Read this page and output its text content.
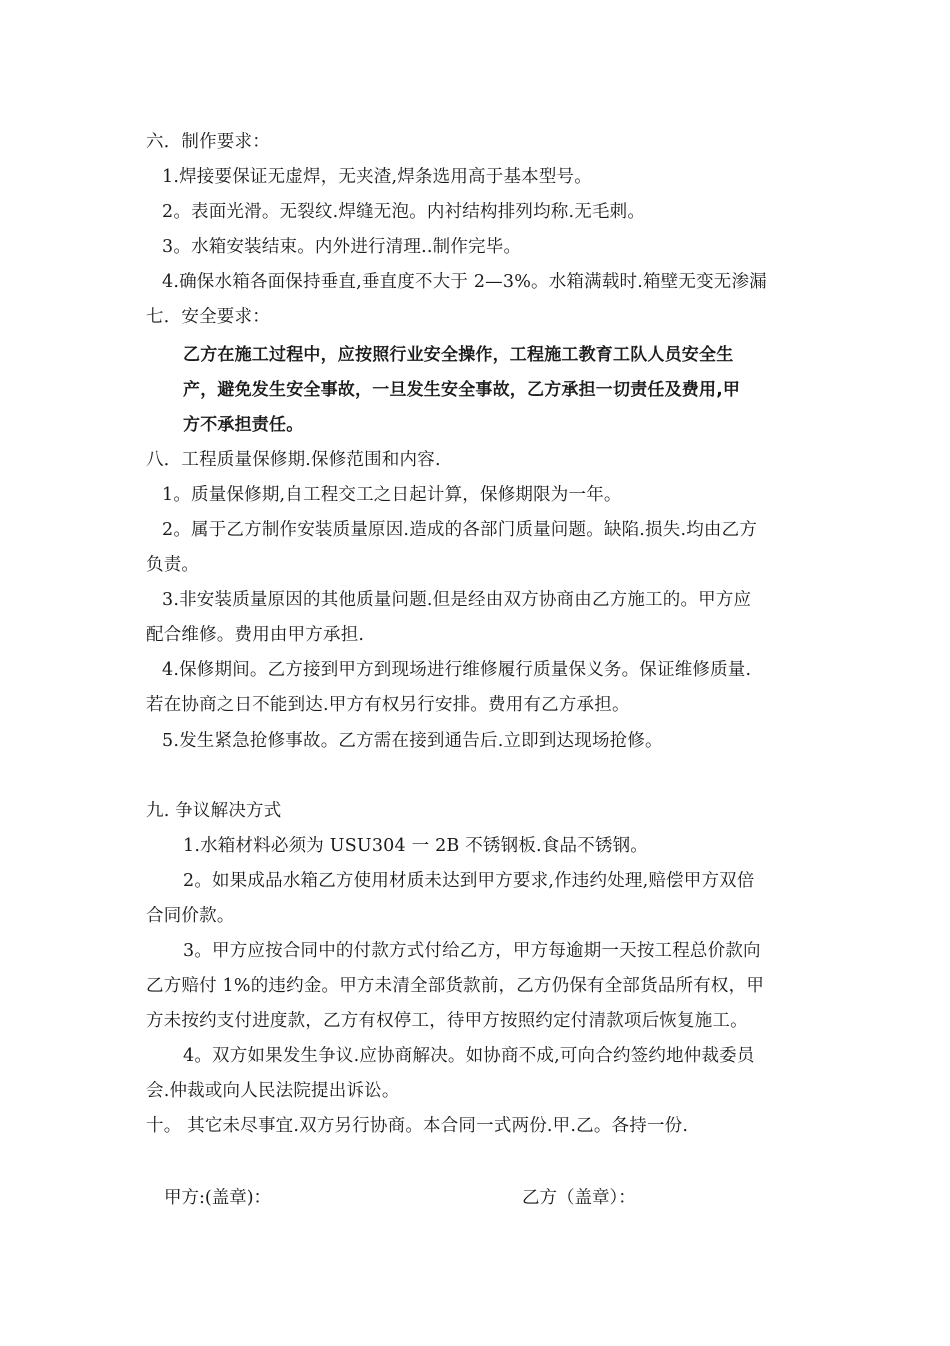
六．制作要求：
1.焊接要保证无虚焊，无夹渣,焊条选用高于基本型号。
2。表面光滑。无裂纹.焊缝无泡。内衬结构排列均称.无毛刺。
3。水箱安装结束。内外进行清理..制作完毕。
4.确保水箱各面保持垂直,垂直度不大于 2—3%。水箱满载时.箱壁无变无渗漏
七．安全要求：
乙方在施工过程中，应按照行业安全操作，工程施工教育工队人员安全生
产，避免发生安全事故，一旦发生安全事故，乙方承担一切责任及费用,甲
方不承担责任。
八．工程质量保修期.保修范围和内容.
1。质量保修期,自工程交工之日起计算，保修期限为一年。
2。属于乙方制作安装质量原因.造成的各部门质量问题。缺陷.损失.均由乙方
负责。
3.非安装质量原因的其他质量问题.但是经由双方协商由乙方施工的。甲方应
配合维修。费用由甲方承担.
4.保修期间。乙方接到甲方到现场进行维修履行质量保义务。保证维修质量.
若在协商之日不能到达.甲方有权另行安排。费用有乙方承担。
5.发生紧急抢修事故。乙方需在接到通告后.立即到达现场抢修。
九. 争议解决方式
1.水箱材料必须为 USU304 一 2B 不锈钢板.食品不锈钢。
2。如果成品水箱乙方使用材质未达到甲方要求,作违约处理,赔偿甲方双倍
合同价款。
3。甲方应按合同中的付款方式付给乙方，甲方每逾期一天按工程总价款向
乙方赔付 1%的违约金。甲方未清全部货款前，乙方仍保有全部货品所有权，甲
方未按约支付进度款，乙方有权停工，待甲方按照约定付清款项后恢复施工。
4。双方如果发生争议.应协商解决。如协商不成,可向合约签约地仲裁委员
会.仲裁或向人民法院提出诉讼。
十。 其它未尽事宜.双方另行协商。本合同一式两份.甲.乙。各持一份.
甲方:(盖章)：	乙方（盖章）：
